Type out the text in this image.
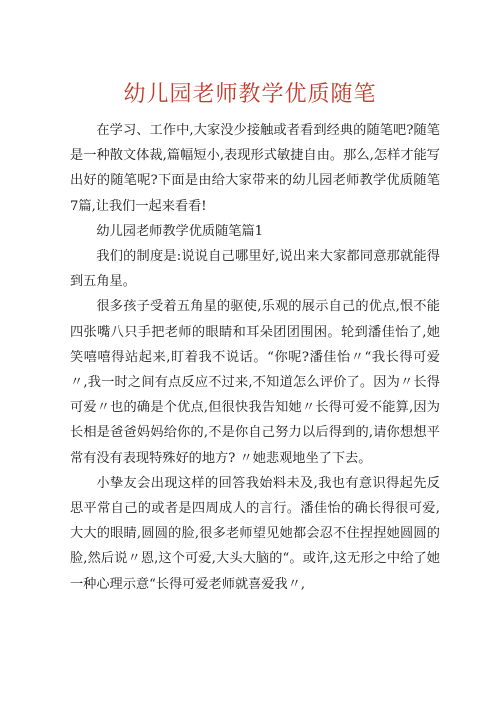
幼儿园老师教学优质随笔

在学习、工作中,大家没少接触或者看到经典的随笔吧?随笔是一种散文体裁,篇幅短小,表现形式敏捷自由。那么,怎样才能写出好的随笔呢?下面是由给大家带来的幼儿园老师教学优质随笔7篇,让我们一起来看看!

幼儿园老师教学优质随笔篇1

我们的制度是:说说自己哪里好,说出来大家都同意那就能得到五角星。

很多孩子受着五角星的驱使,乐观的展示自己的优点,恨不能四张嘴八只手把老师的眼睛和耳朵团团围困。轮到潘佳怡了,她笑嘻嘻得站起来,盯着我不说话。“你呢?潘佳怡〃“我长得可爱〃,我一时之间有点反应不过来,不知道怎么评价了。因为〃长得可爱〃也的确是个优点,但很快我告知她〃长得可爱不能算,因为长相是爸爸妈妈给你的,不是你自己努力以后得到的,请你想想平常有没有表现特殊好的地方? 〃她悲观地坐了下去。

小挚友会出现这样的回答我始料未及,我也有意识得起先反思平常自己的或者是四周成人的言行。潘佳怡的确长得很可爱,大大的眼睛,圆圆的脸,很多老师望见她都会忍不住捏捏她圆圆的脸,然后说〃恩,这个可爱,大头大脑的“。或许,这无形之中给了她一种心理示意“长得可爱老师就喜爱我〃,
